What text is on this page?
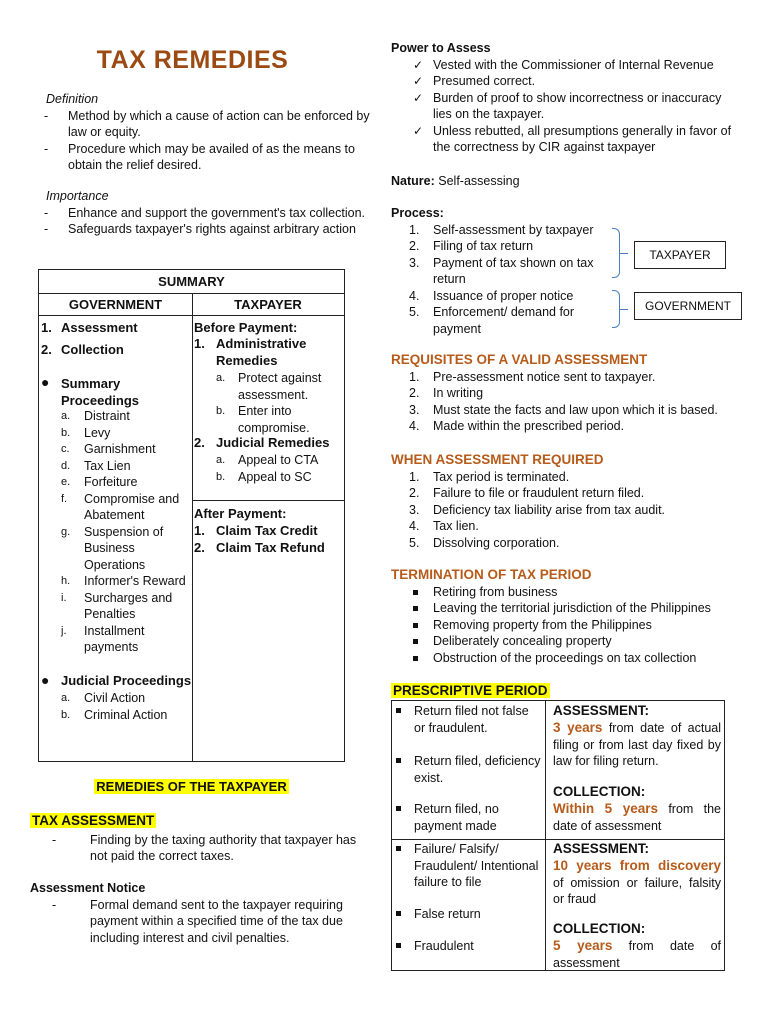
TAX REMEDIES
Definition
- Method by which a cause of action can be enforced by law or equity.
- Procedure which may be availed of as the means to obtain the relief desired.
Importance
- Enhance and support the government's tax collection.
- Safeguards taxpayer's rights against arbitrary action
SUMMARY
GOVERNMENT	TAXPAYER
1. Assessment
2. Collection
● Summary Proceedings
a. Distraint
b. Levy
c. Garnishment
d. Tax Lien
e. Forfeiture
f. Compromise and Abatement
g. Suspension of Business Operations
h. Informer's Reward
i. Surcharges and Penalties
j. Installment payments
● Judicial Proceedings
a. Civil Action
b. Criminal Action
Before Payment:
1. Administrative Remedies
a. Protect against assessment.
b. Enter into compromise.
2. Judicial Remedies
a. Appeal to CTA
b. Appeal to SC
After Payment:
1. Claim Tax Credit
2. Claim Tax Refund
REMEDIES OF THE TAXPAYER
TAX ASSESSMENT
- Finding by the taxing authority that taxpayer has not paid the correct taxes.
Assessment Notice
- Formal demand sent to the taxpayer requiring payment within a specified time of the tax due including interest and civil penalties.
Power to Assess
✓ Vested with the Commissioner of Internal Revenue
✓ Presumed correct.
✓ Burden of proof to show incorrectness or inaccuracy lies on the taxpayer.
✓ Unless rebutted, all presumptions generally in favor of the correctness by CIR against taxpayer
Nature: Self-assessing
Process:
1. Self-assessment by taxpayer
2. Filing of tax return
3. Payment of tax shown on tax return
4. Issuance of proper notice
5. Enforcement/ demand for payment
TAXPAYER
GOVERNMENT
REQUISITES OF A VALID ASSESSMENT
1. Pre-assessment notice sent to taxpayer.
2. In writing
3. Must state the facts and law upon which it is based.
4. Made within the prescribed period.
WHEN ASSESSMENT REQUIRED
1. Tax period is terminated.
2. Failure to file or fraudulent return filed.
3. Deficiency tax liability arise from tax audit.
4. Tax lien.
5. Dissolving corporation.
TERMINATION OF TAX PERIOD
Retiring from business
Leaving the territorial jurisdiction of the Philippines
Removing property from the Philippines
Deliberately concealing property
Obstruction of the proceedings on tax collection
PRESCRIPTIVE PERIOD
Return filed not false or fraudulent.
Return filed, deficiency exist.
Return filed, no payment made
ASSESSMENT:
3 years from date of actual filing or from last day fixed by law for filing return.
COLLECTION:
Within 5 years from the date of assessment
Failure/ Falsify/ Fraudulent/ Intentional failure to file
False return
Fraudulent
ASSESSMENT:
10 years from discovery of omission or failure, falsity or fraud
COLLECTION:
5 years from date of assessment
